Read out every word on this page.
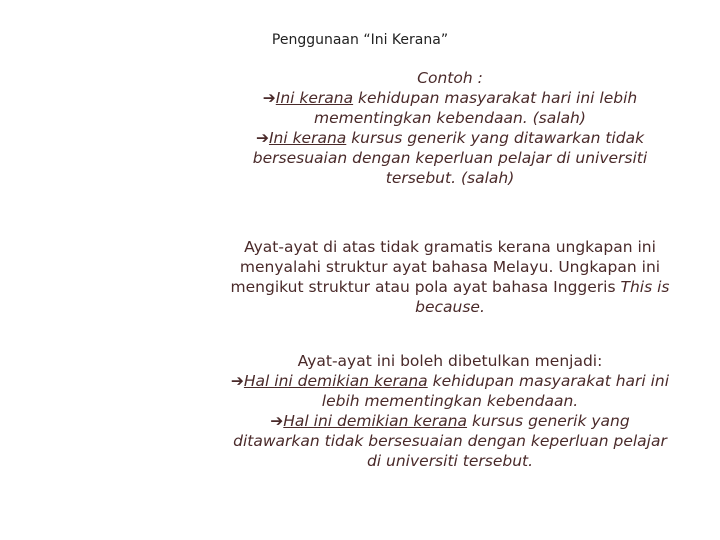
Penggunaan “Ini Kerana”
Contoh :
➔Ini kerana kehidupan masyarakat hari ini lebih
mementingkan kebendaan. (salah)
➔Ini kerana kursus generik yang ditawarkan tidak
bersesuaian dengan keperluan pelajar di universiti
tersebut. (salah)
Ayat-ayat di atas tidak gramatis kerana ungkapan ini
menyalahi struktur ayat bahasa Melayu. Ungkapan ini
mengikut struktur atau pola ayat bahasa Inggeris This is
because.
Ayat-ayat ini boleh dibetulkan menjadi:
➔Hal ini demikian kerana kehidupan masyarakat hari ini
lebih mementingkan kebendaan.
➔Hal ini demikian kerana kursus generik yang
ditawarkan tidak bersesuaian dengan keperluan pelajar
di universiti tersebut.
